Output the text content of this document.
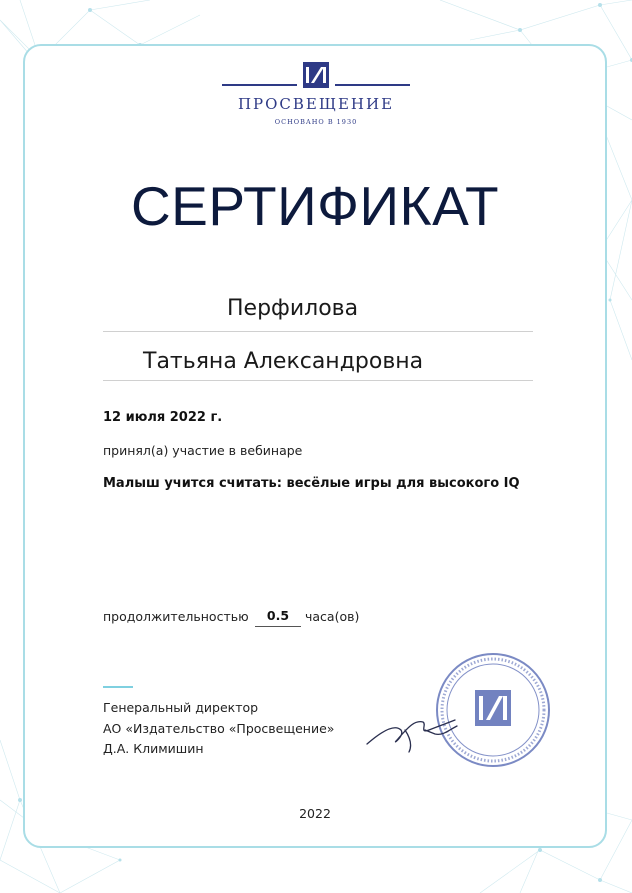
ПРОСВЕЩЕНИЕ
ОСНОВАНО В 1930
СЕРТИФИКАТ
Перфилова
Татьяна Александровна
12 июля 2022 г.
принял(а) участие в вебинаре
Малыш учится считать: весёлые игры для высокого IQ
продолжительностью	0.5	часа(ов)
Генеральный директор
АО «Издательство «Просвещение»
Д.А. Климишин
2022
